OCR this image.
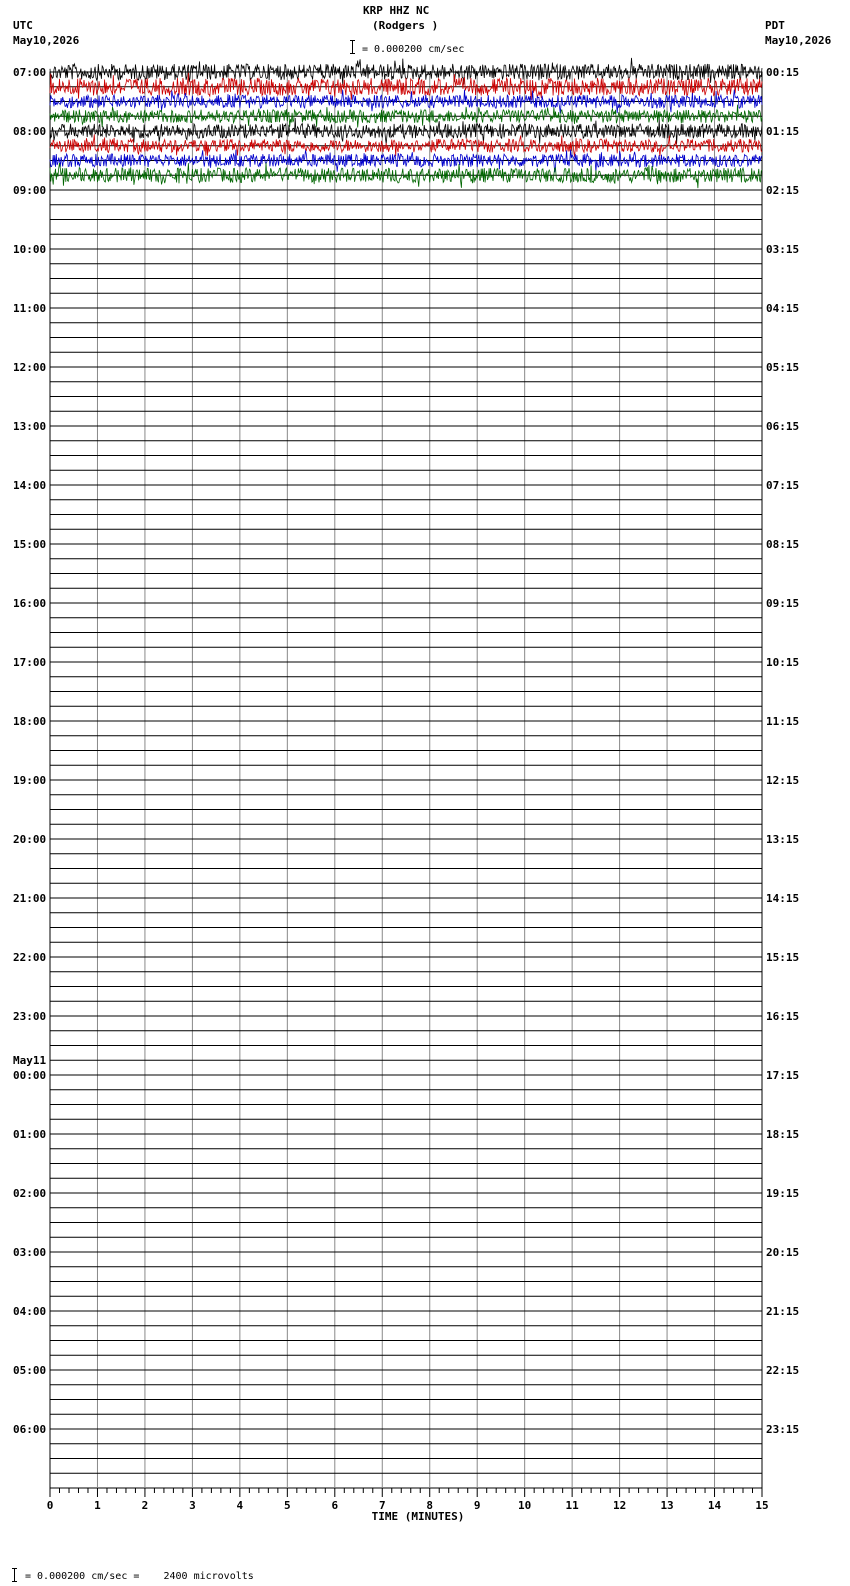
KRP HHZ NC
(Rodgers )
UTC
May10,2026
PDT
May10,2026
= 0.000200 cm/sec
07:00
08:00
09:00
10:00
11:00
12:00
13:00
14:00
15:00
16:00
17:00
18:00
19:00
20:00
21:00
22:00
23:00
00:00
May11
01:00
02:00
03:00
04:00
05:00
06:00
00:15
01:15
02:15
03:15
04:15
05:15
06:15
07:15
08:15
09:15
10:15
11:15
12:15
13:15
14:15
15:15
16:15
17:15
18:15
19:15
20:15
21:15
22:15
23:15
0	1	2	3	4	5	6	7	8	9	10	11	12	13	14	15
TIME (MINUTES)
= 0.000200 cm/sec =    2400 microvolts
